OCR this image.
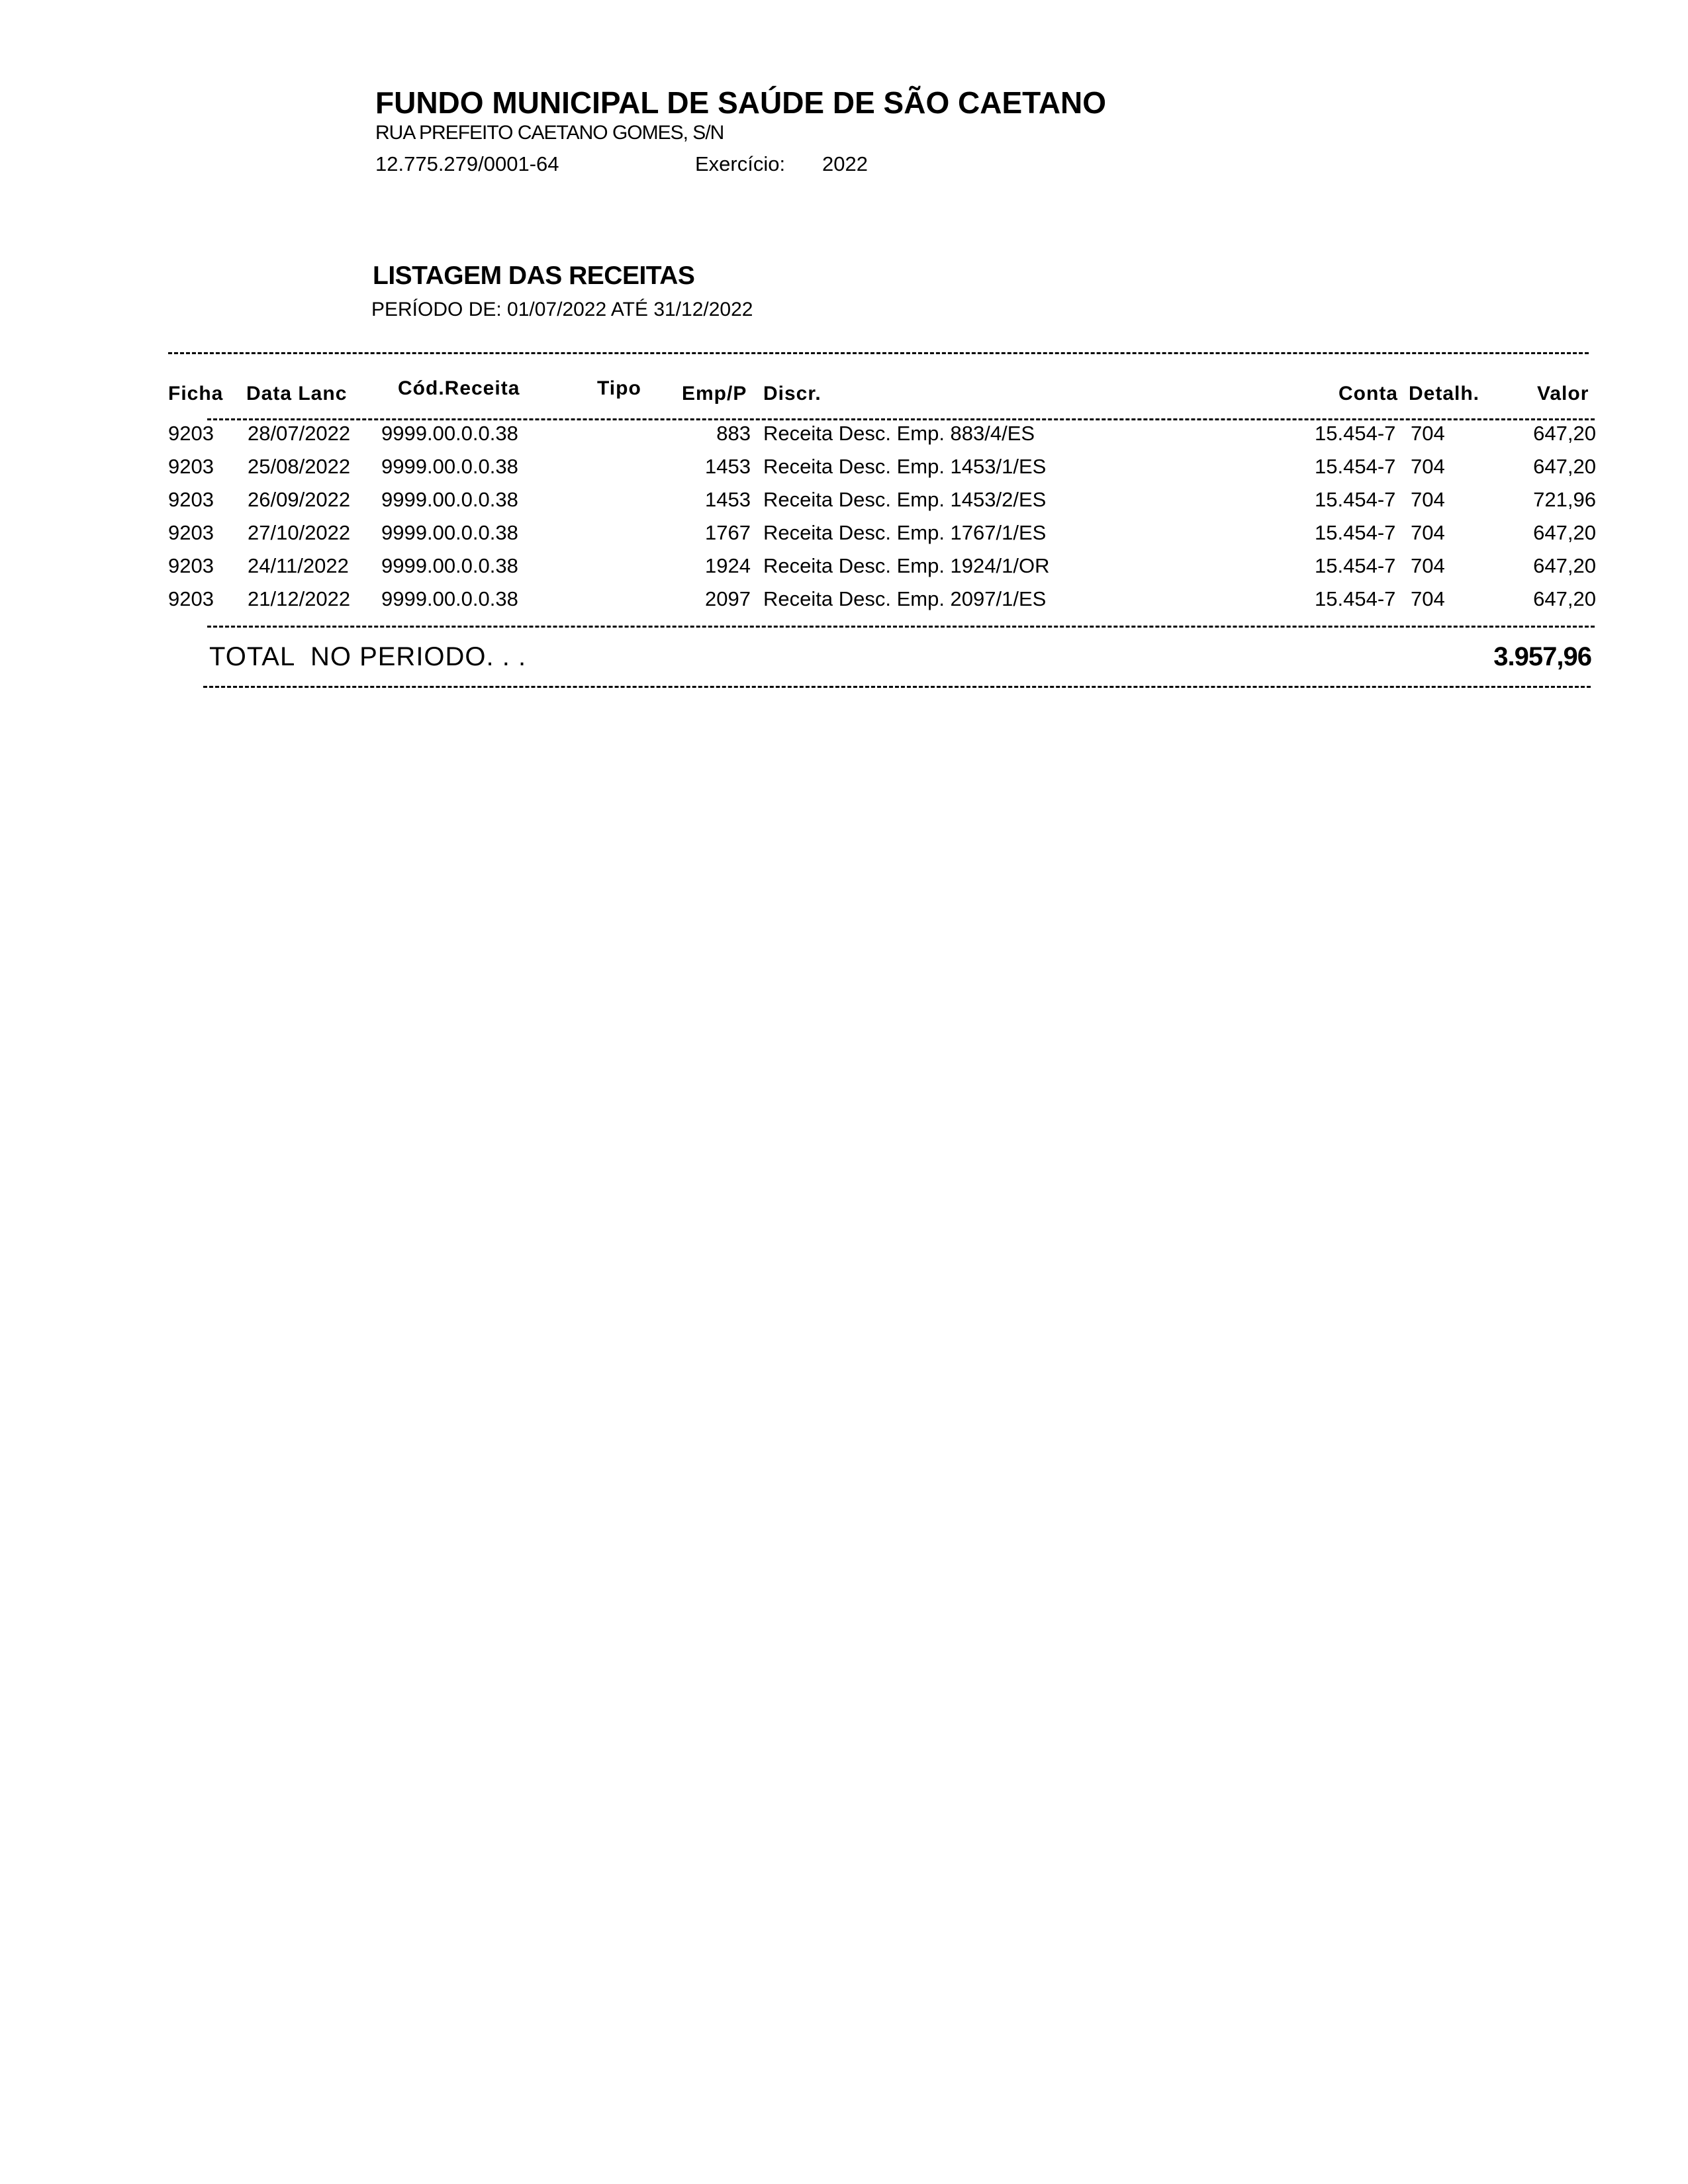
FUNDO MUNICIPAL DE SAÚDE DE SÃO CAETANO
RUA PREFEITO CAETANO GOMES, S/N
12.775.279/0001-64	Exercício: 2022
LISTAGEM DAS RECEITAS
PERÍODO DE: 01/07/2022 ATÉ 31/12/2022
Ficha Data Lanc	Cód.Receita	Tipo Emp/P Discr.	Conta Detalh.	Valor
9203 28/07/2022 9999.00.0.0.38	883 Receita Desc. Emp. 883/4/ES	15.454-7 704	647,20
9203 25/08/2022 9999.00.0.0.38	1453 Receita Desc. Emp. 1453/1/ES	15.454-7 704	647,20
9203 26/09/2022 9999.00.0.0.38	1453 Receita Desc. Emp. 1453/2/ES	15.454-7 704	721,96
9203 27/10/2022 9999.00.0.0.38	1767 Receita Desc. Emp. 1767/1/ES	15.454-7 704	647,20
9203 24/11/2022 9999.00.0.0.38	1924 Receita Desc. Emp. 1924/1/OR	15.454-7 704	647,20
9203 21/12/2022 9999.00.0.0.38	2097 Receita Desc. Emp. 2097/1/ES	15.454-7 704	647,20
TOTAL  NO PERIODO. . .	3.957,96
